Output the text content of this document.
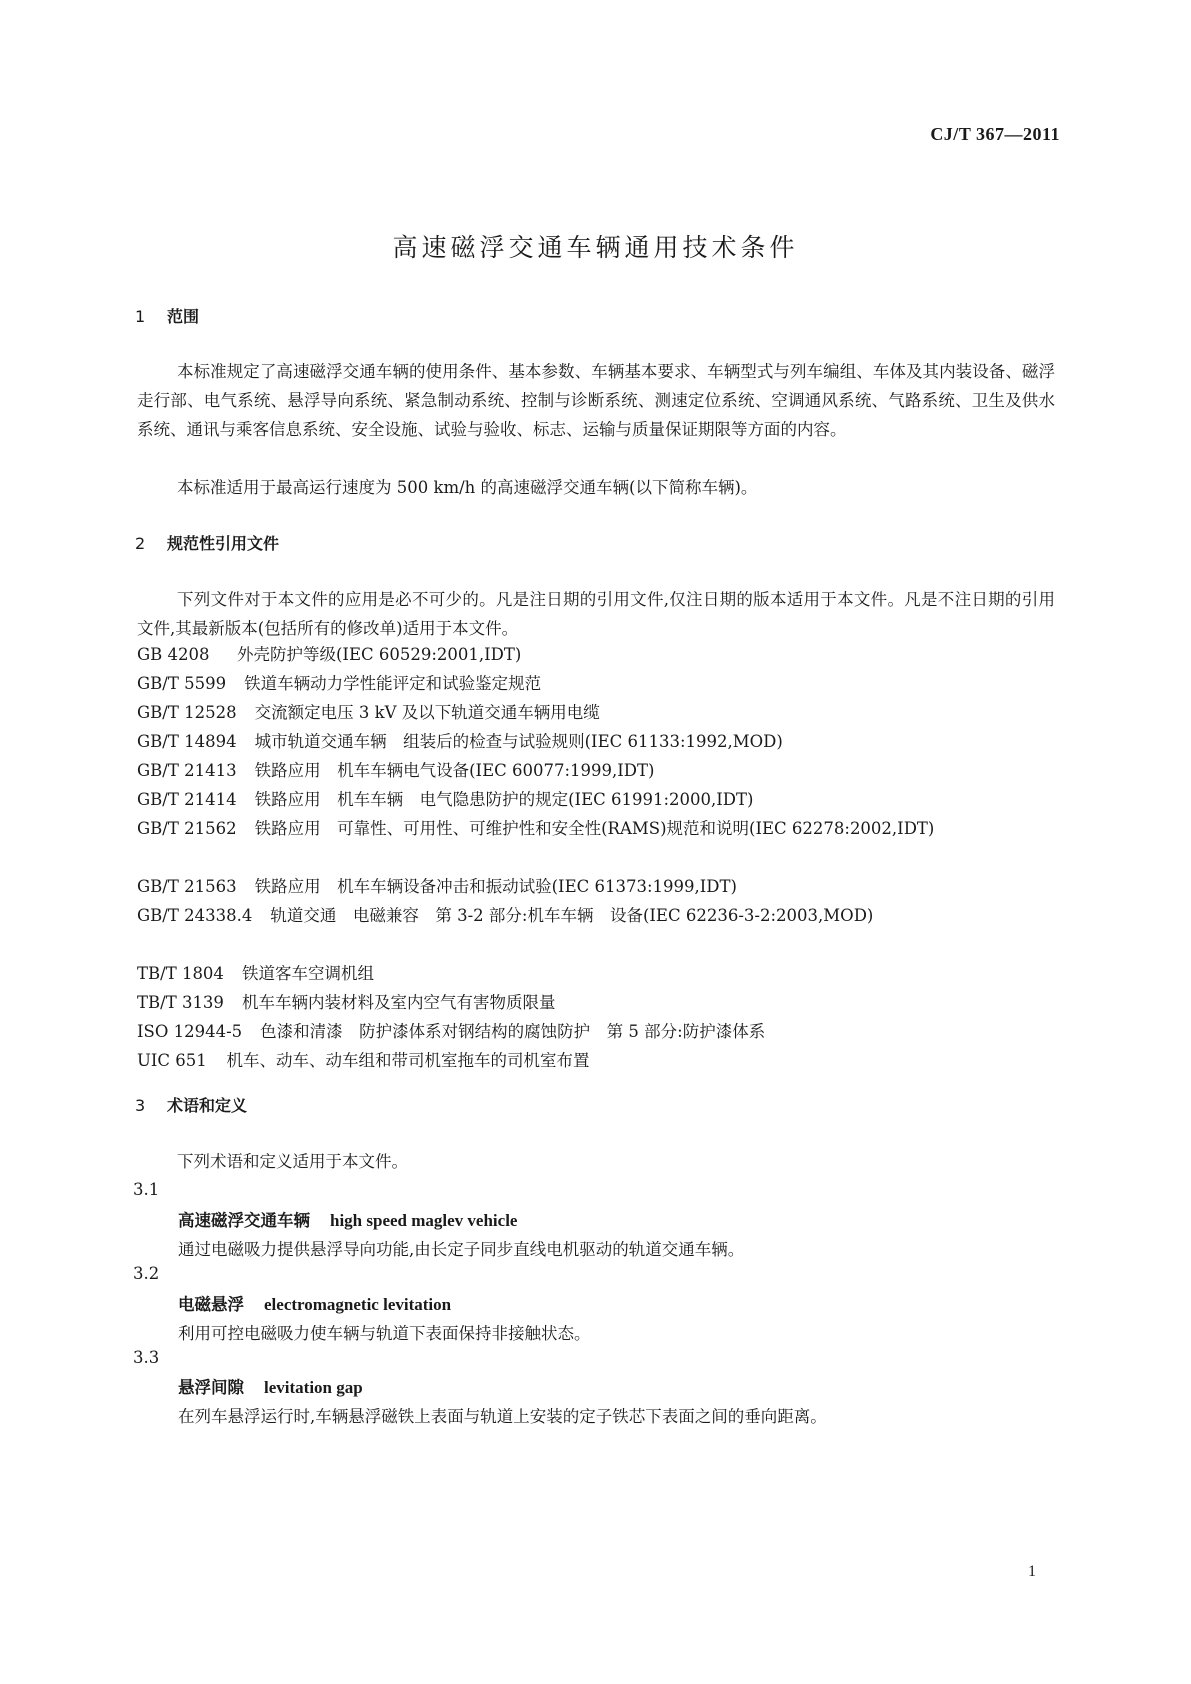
CJ/T 367—2011
高速磁浮交通车辆通用技术条件
1 范围

本标准规定了高速磁浮交通车辆的使用条件、基本参数、车辆基本要求、车辆型式与列车编组、车体及其内装设备、磁浮走行部、电气系统、悬浮导向系统、紧急制动系统、控制与诊断系统、测速定位系统、空调通风系统、气路系统、卫生及供水系统、通讯与乘客信息系统、安全设施、试验与验收、标志、运输与质量保证期限等方面的内容。

本标准适用于最高运行速度为 500 km/h 的高速磁浮交通车辆(以下简称车辆)。

2 规范性引用文件

下列文件对于本文件的应用是必不可少的。凡是注日期的引用文件,仅注日期的版本适用于本文件。凡是不注日期的引用文件,其最新版本(包括所有的修改单)适用于本文件。

GB 4208 外壳防护等级(IEC 60529:2001,IDT)
GB/T 5599 铁道车辆动力学性能评定和试验鉴定规范
GB/T 12528 交流额定电压 3 kV 及以下轨道交通车辆用电缆
GB/T 14894 城市轨道交通车辆　组装后的检查与试验规则(IEC 61133:1992,MOD)
GB/T 21413 铁路应用　机车车辆电气设备(IEC 60077:1999,IDT)
GB/T 21414 铁路应用　机车车辆　电气隐患防护的规定(IEC 61991:2000,IDT)
GB/T 21562 铁路应用　可靠性、可用性、可维护性和安全性(RAMS)规范和说明(IEC 62278:2002,IDT)
GB/T 21563 铁路应用　机车车辆设备冲击和振动试验(IEC 61373:1999,IDT)
GB/T 24338.4 轨道交通　电磁兼容　第 3-2 部分:机车车辆　设备(IEC 62236-3-2:2003,MOD)
TB/T 1804 铁道客车空调机组
TB/T 3139 机车车辆内装材料及室内空气有害物质限量
ISO 12944-5 色漆和清漆　防护漆体系对钢结构的腐蚀防护　第 5 部分:防护漆体系
UIC 651 机车、动车、动车组和带司机室拖车的司机室布置
3 术语和定义

下列术语和定义适用于本文件。

3.1
高速磁浮交通车辆 high speed maglev vehicle
通过电磁吸力提供悬浮导向功能,由长定子同步直线电机驱动的轨道交通车辆。
3.2
电磁悬浮 electromagnetic levitation
利用可控电磁吸力使车辆与轨道下表面保持非接触状态。
3.3
悬浮间隙 levitation gap
在列车悬浮运行时,车辆悬浮磁铁上表面与轨道上安装的定子铁芯下表面之间的垂向距离。
1
